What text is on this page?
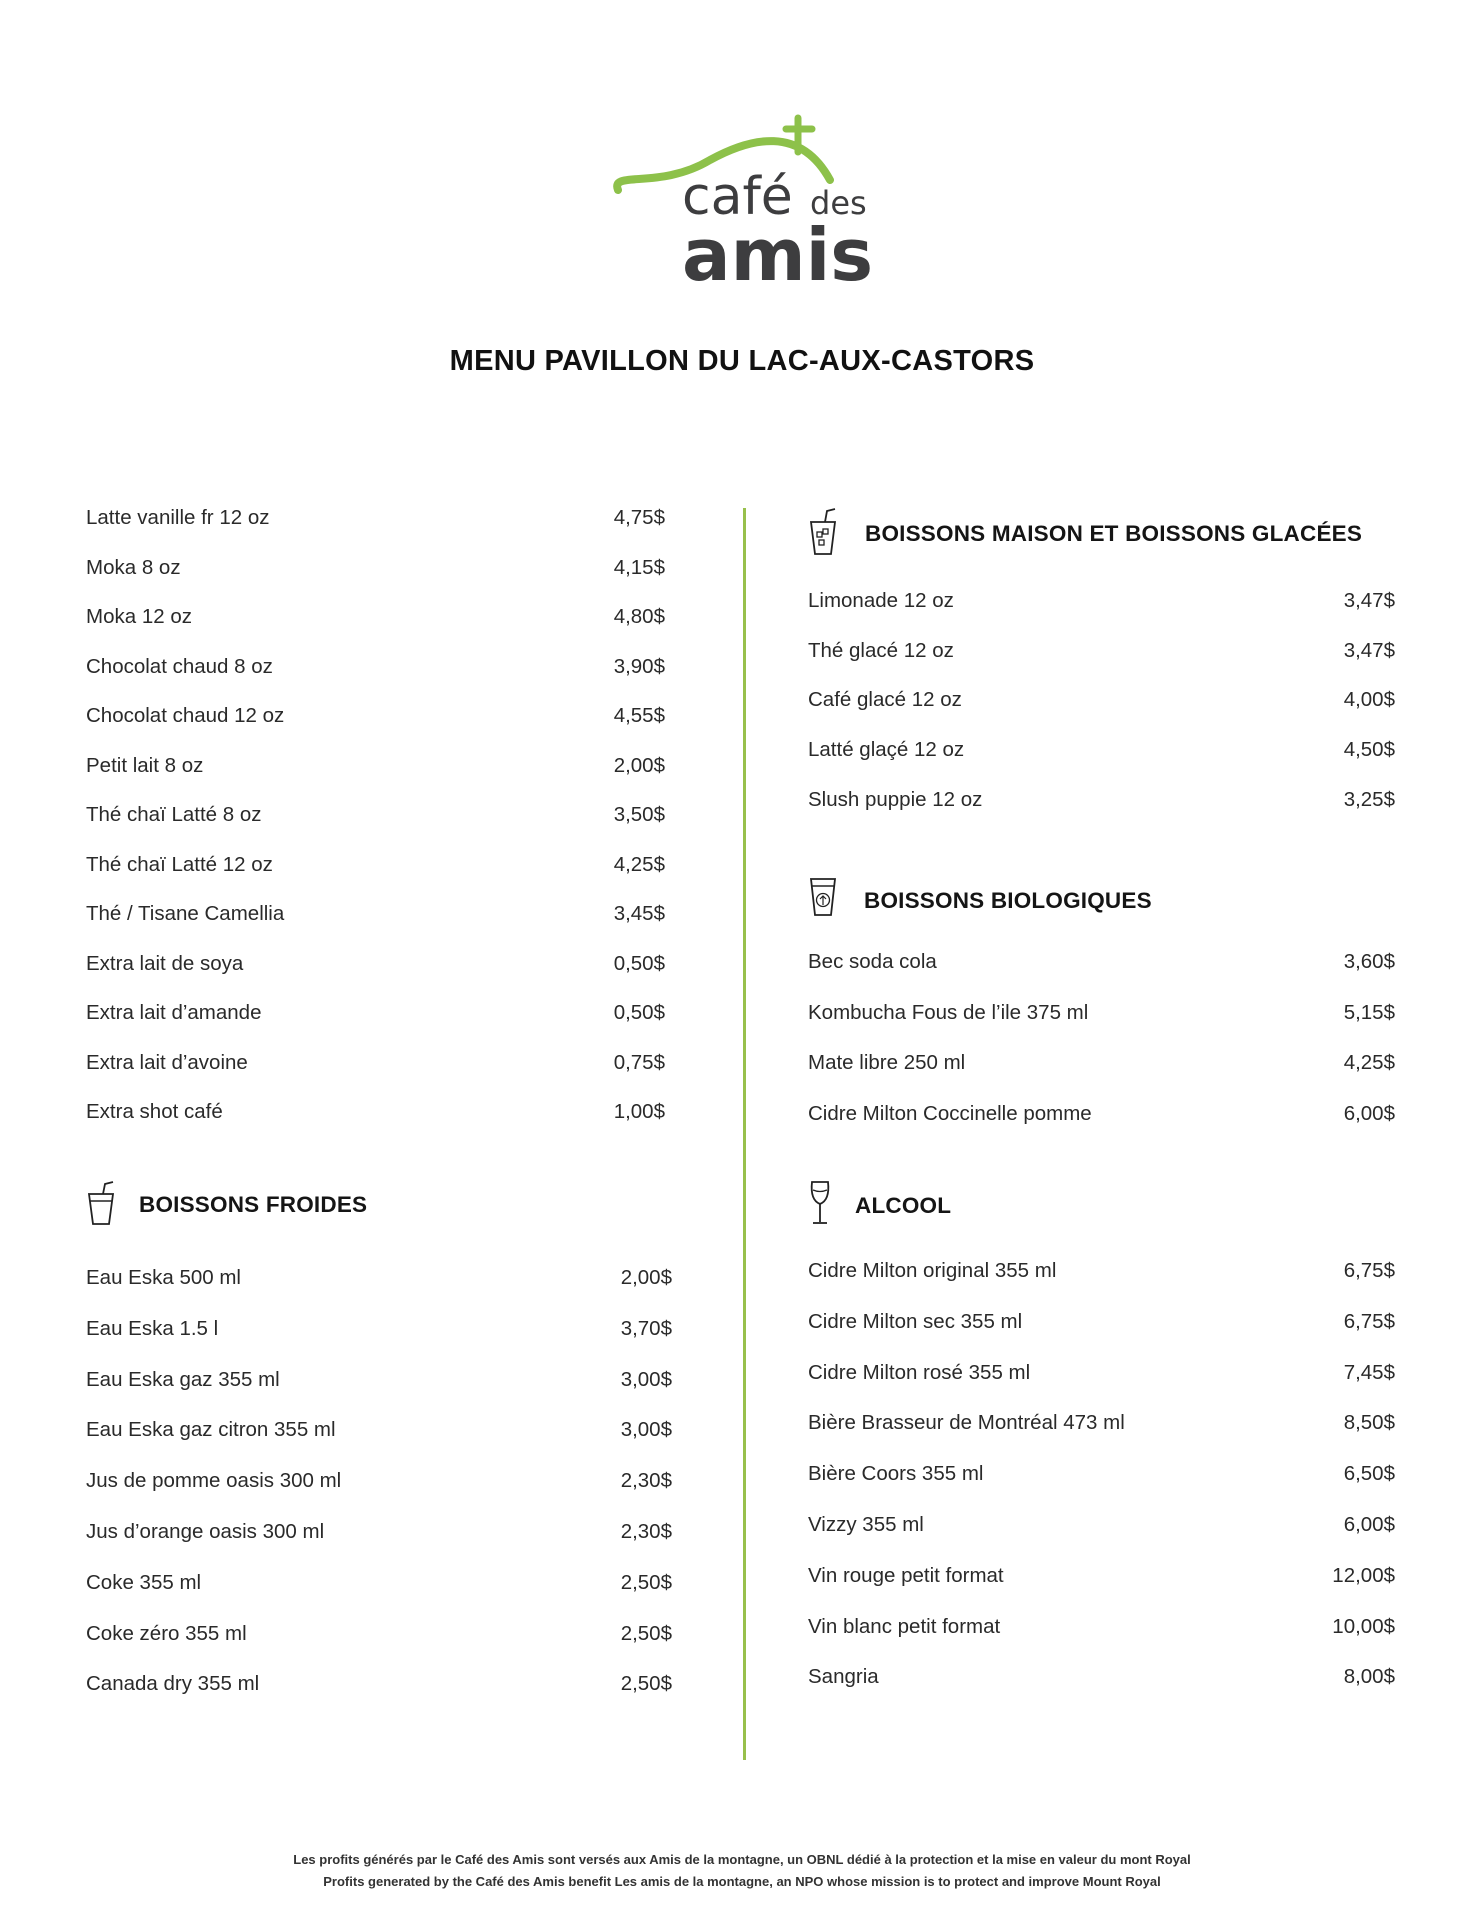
café des
amis
MENU PAVILLON DU LAC-AUX-CASTORS
Latte vanille fr 12 oz	4,75$
Moka 8 oz	4,15$
Moka 12 oz	4,80$
Chocolat chaud 8 oz	3,90$
Chocolat chaud 12 oz	4,55$
Petit lait 8 oz	2,00$
Thé chaï Latté 8 oz	3,50$
Thé chaï Latté 12 oz	4,25$
Thé / Tisane Camellia	3,45$
Extra lait de soya	0,50$
Extra lait d’amande	0,50$
Extra lait d’avoine	0,75$
Extra shot café	1,00$
BOISSONS FROIDES
Eau Eska 500 ml	2,00$
Eau Eska 1.5 l	3,70$
Eau Eska gaz 355 ml	3,00$
Eau Eska gaz citron 355 ml	3,00$
Jus de pomme oasis 300 ml	2,30$
Jus d’orange oasis 300 ml	2,30$
Coke 355 ml	2,50$
Coke zéro 355 ml	2,50$
Canada dry 355 ml	2,50$
BOISSONS MAISON ET BOISSONS GLACÉES
Limonade 12 oz	3,47$
Thé glacé 12 oz	3,47$
Café glacé 12 oz	4,00$
Latté glaçé 12 oz	4,50$
Slush puppie 12 oz	3,25$
BOISSONS BIOLOGIQUES
Bec soda cola	3,60$
Kombucha Fous de l’ile 375 ml	5,15$
Mate libre 250 ml	4,25$
Cidre Milton Coccinelle pomme	6,00$
ALCOOL
Cidre Milton original 355 ml	6,75$
Cidre Milton sec 355 ml	6,75$
Cidre Milton rosé 355 ml	7,45$
Bière Brasseur de Montréal 473 ml	8,50$
Bière Coors 355 ml	6,50$
Vizzy 355 ml	6,00$
Vin rouge petit format	12,00$
Vin blanc petit format	10,00$
Sangria	8,00$
Les profits générés par le Café des Amis sont versés aux Amis de la montagne, un OBNL dédié à la protection et la mise en valeur du mont Royal
Profits generated by the Café des Amis benefit Les amis de la montagne, an NPO whose mission is to protect and improve Mount Royal
